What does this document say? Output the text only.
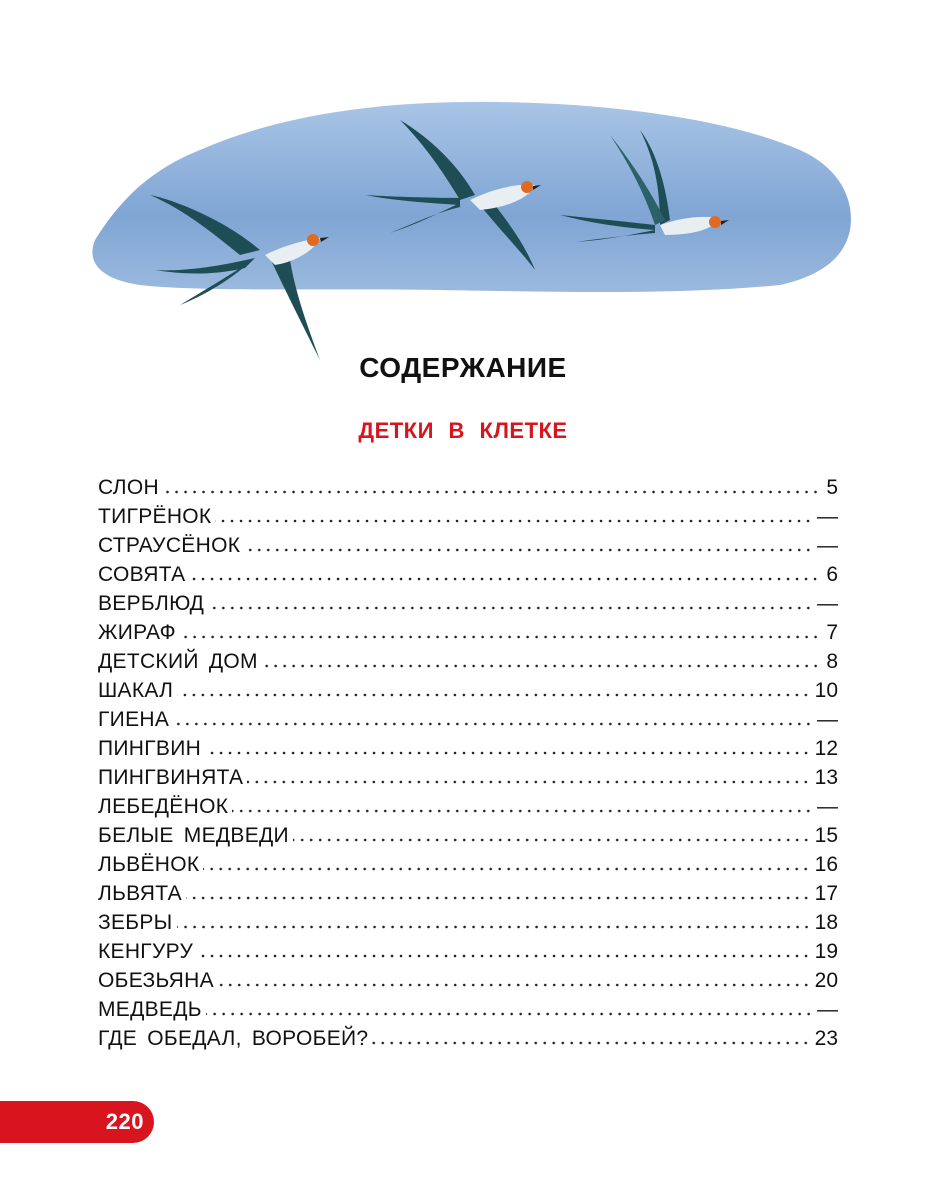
СОДЕРЖАНИЕ
ДЕТКИ В КЛЕТКЕ
СЛОН	5
ТИГРЁНОК	—
СТРАУСЁНОК	—
СОВЯТА	6
ВЕРБЛЮД	—
ЖИРАФ	7
ДЕТСКИЙ ДОМ	8
ШАКАЛ	10
ГИЕНА	—
ПИНГВИН	12
ПИНГВИНЯТА	13
ЛЕБЕДЁНОК	—
БЕЛЫЕ МЕДВЕДИ	15
ЛЬВЁНОК	16
ЛЬВЯТА	17
ЗЕБРЫ	18
КЕНГУРУ	19
ОБЕЗЬЯНА	20
МЕДВЕДЬ	—
ГДЕ ОБЕДАЛ, ВОРОБЕЙ?	23
220
